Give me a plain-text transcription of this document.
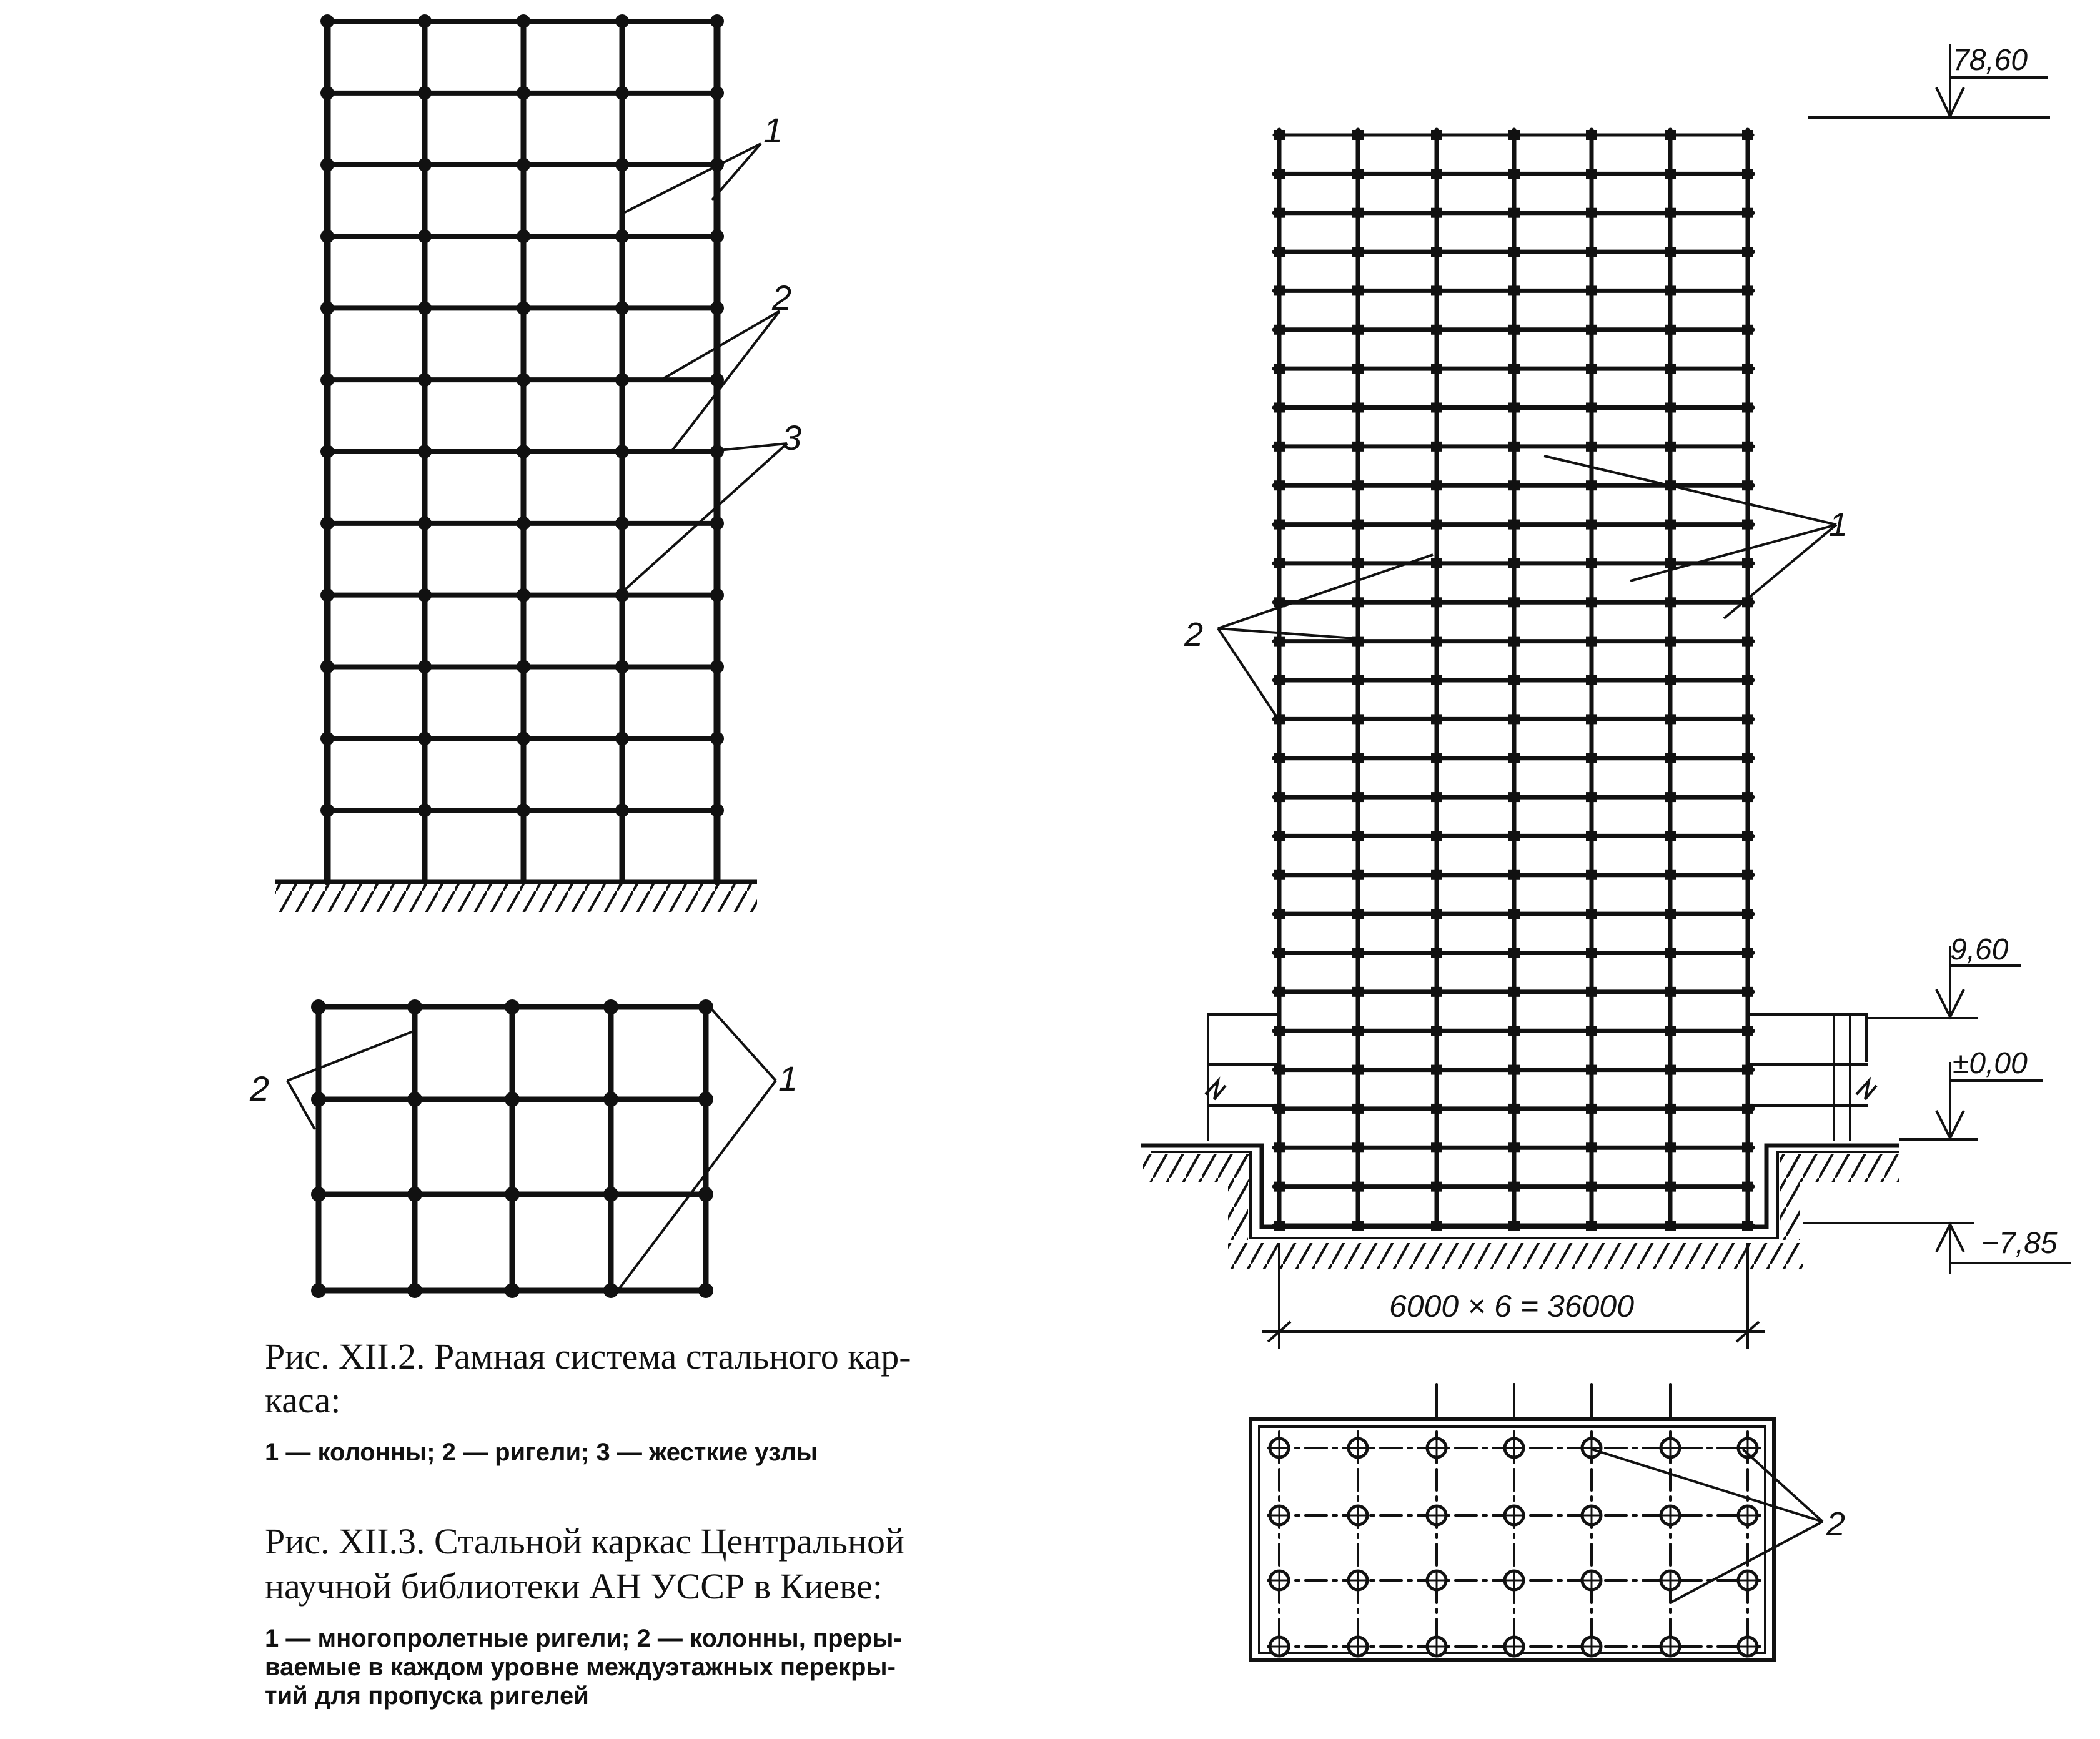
1
2
3
2	1
6000 × 6 = 36000
78,60
9,60
±0,00
−7,85
1
2
2
Рис. XII.2. Рамная система стального кар-
каса:
1 — колонны; 2 — ригели; 3 — жесткие узлы
Рис. XII.3. Стальной каркас Центральной
научной библиотеки АН УССР в Киеве:
1 — многопролетные ригели; 2 — колонны, преры-
ваемые в каждом уровне междуэтажных перекры-
тий для пропуска ригелей
